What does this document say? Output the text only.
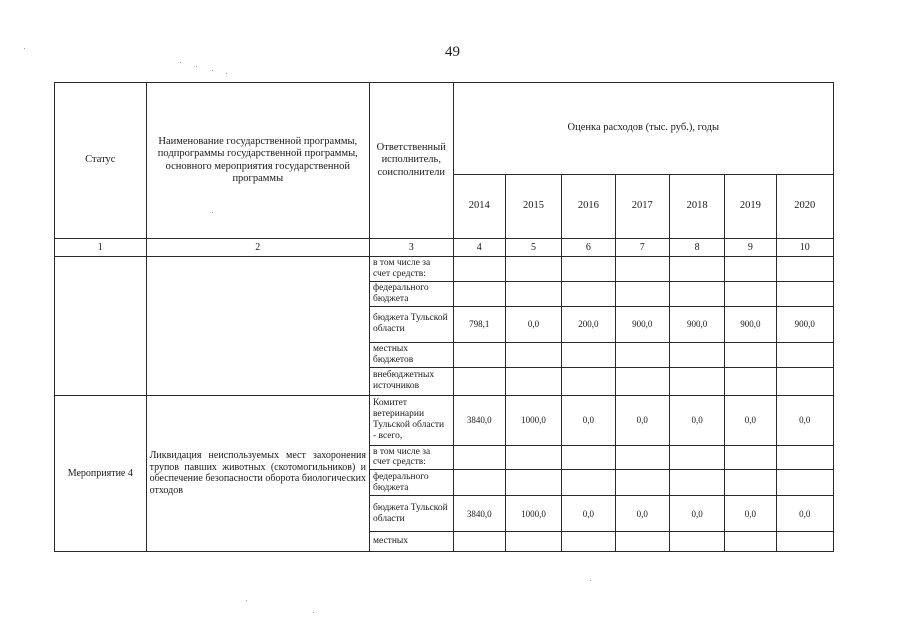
49
Статус	Наименование государственной программы, подпрограммы государственной программы, основного мероприятия государственной программы	Ответственный исполнитель, соисполнители	Оценка расходов (тыс. руб.), годы						
			2014	2015	2016	2017	2018	2019	2020
1	2	3	4	5	6	7	8	9	10
		в том числе за счет средств:							
		федерального бюджета							
		бюджета Тульской области	798,1	0,0	200,0	900,0	900,0	900,0	900,0
		местных бюджетов							
		внебюджетных источников							
Мероприятие 4	Ликвидация неиспользуемых мест захоронения трупов павших животных (скотомогильников) и обеспечение безопасности оборота биологических отходов	Комитет ветеринарии Тульской области - всего,	3840,0	1000,0	0,0	0,0	0,0	0,0	0,0
		в том числе за счет средств:							
		федерального бюджета							
		бюджета Тульской области	3840,0	1000,0	0,0	0,0	0,0	0,0	0,0
		местных							
